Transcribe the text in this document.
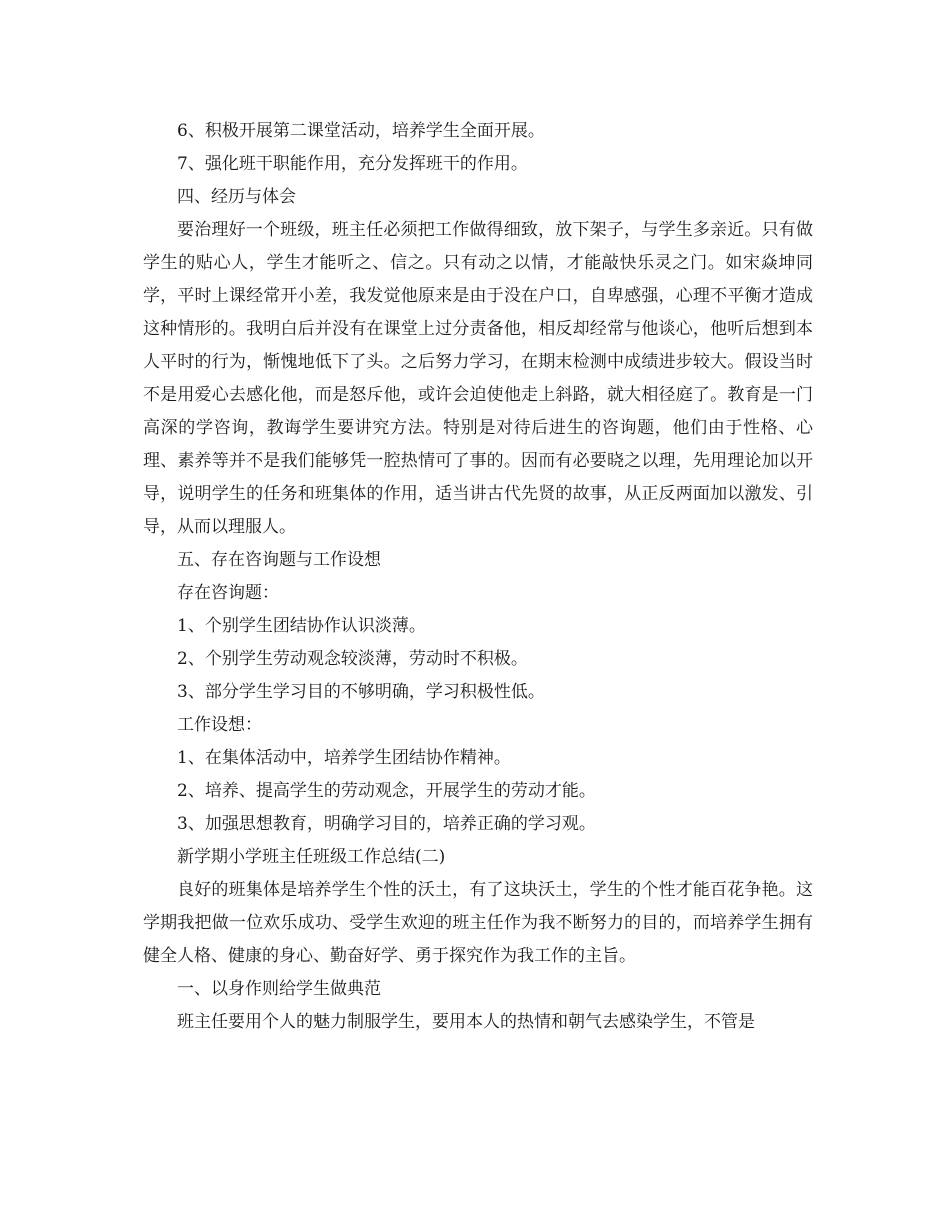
6、积极开展第二课堂活动，培养学生全面开展。

7、强化班干职能作用，充分发挥班干的作用。

四、经历与体会

要治理好一个班级，班主任必须把工作做得细致，放下架子，与学生多亲近。只有做学生的贴心人，学生才能听之、信之。只有动之以情，才能敲快乐灵之门。如宋焱坤同学，平时上课经常开小差，我发觉他原来是由于没在户口，自卑感强，心理不平衡才造成这种情形的。我明白后并没有在课堂上过分责备他，相反却经常与他谈心，他听后想到本人平时的行为，惭愧地低下了头。之后努力学习，在期末检测中成绩进步较大。假设当时不是用爱心去感化他，而是怒斥他，或许会迫使他走上斜路，就大相径庭了。教育是一门高深的学咨询，教诲学生要讲究方法。特别是对待后进生的咨询题，他们由于性格、心理、素养等并不是我们能够凭一腔热情可了事的。因而有必要晓之以理，先用理论加以开导，说明学生的任务和班集体的作用，适当讲古代先贤的故事，从正反两面加以激发、引导，从而以理服人。

五、存在咨询题与工作设想

存在咨询题：

1、个别学生团结协作认识淡薄。

2、个别学生劳动观念较淡薄，劳动时不积极。

3、部分学生学习目的不够明确，学习积极性低。

工作设想：

1、在集体活动中，培养学生团结协作精神。

2、培养、提高学生的劳动观念，开展学生的劳动才能。

3、加强思想教育，明确学习目的，培养正确的学习观。

新学期小学班主任班级工作总结(二)

良好的班集体是培养学生个性的沃土，有了这块沃土，学生的个性才能百花争艳。这学期我把做一位欢乐成功、受学生欢迎的班主任作为我不断努力的目的，而培养学生拥有健全人格、健康的身心、勤奋好学、勇于探究作为我工作的主旨。

一、以身作则给学生做典范

班主任要用个人的魅力制服学生，要用本人的热情和朝气去感染学生，不管是
